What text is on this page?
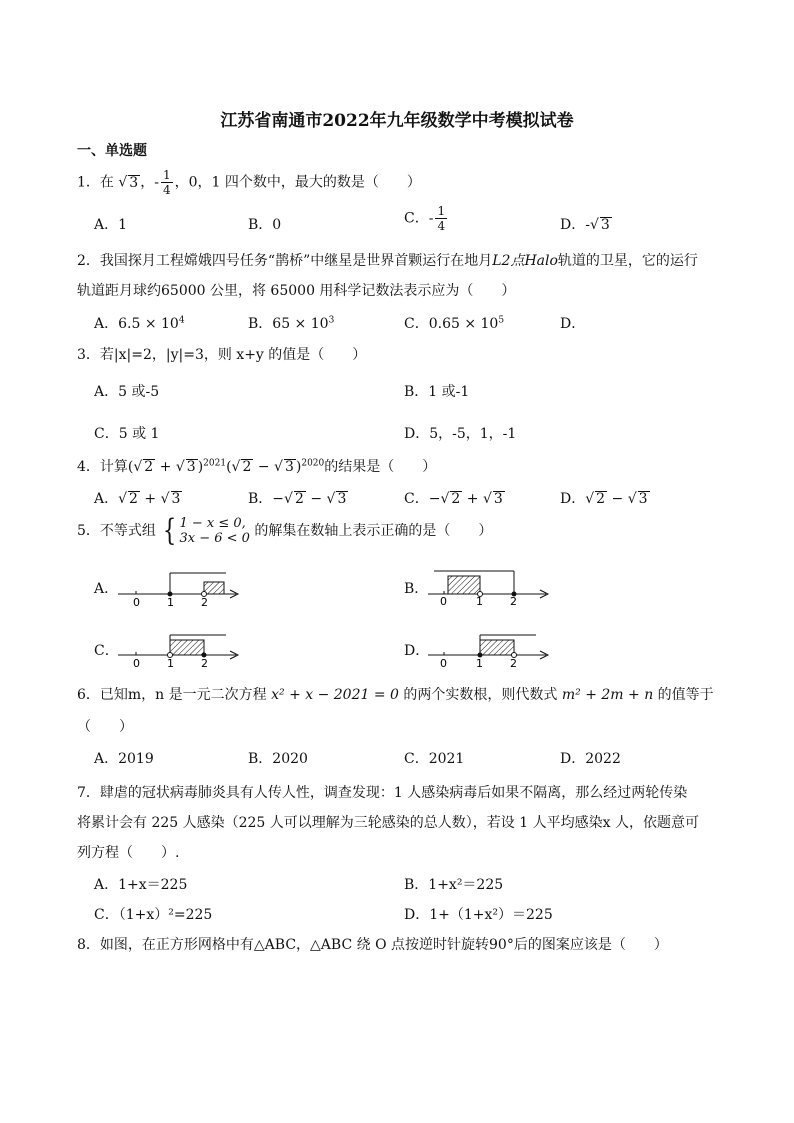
江苏省南通市2022年九年级数学中考模拟试卷
一、单选题
1．在 √ 3 ，- $\frac{1}{4}$ ，0，1 四个数中，最大的数是（　　）
A．1	B．0	C．- $\frac{1}{4}$	D．-√ 3
2．我国探月工程嫦娥四号任务“鹊桥”中继星是世界首颗运行在地月L2点Halo轨道的卫星，它的运行
轨道距月球约65000 公里，将 65000 用科学记数法表示应为（　　）
A．$6.5 \times 10^4$	B．$65 \times 10^3$	C．$0.65 \times 10^5$	D．
3．若|x|=2，|y|=3，则 x+y 的值是（　　）
A．5 或-5	B．1 或-1
C．5 或 1	D．5，-5，1，-1
4．计算(√ 2 + √ 3 )$^{2021}$(√ 2 − √ 3 )$^{2020}$的结果是（　　）
A．√ 2 + √ 3	B．−√ 2 − √ 3	C．−√ 2 + √ 3	D．√ 2 − √ 3
5．不等式组 { 1 − x ≤ 0,
3x − 6 < 0 的解集在数轴上表示正确的是（　　）
A．
0 1 2
B．
0	1 2
C．
0 1 2
D．
0	1 2
6．已知m，n 是一元二次方程 x² + x − 2021 = 0 的两个实数根，则代数式 m² + 2m + n 的值等于
（　　）
A．2019	B．2020	C．2021	D．2022
7．肆虐的冠状病毒肺炎具有人传人性，调查发现：1 人感染病毒后如果不隔离，那么经过两轮传染
将累计会有 225 人感染（225 人可以理解为三轮感染的总人数），若设 1 人平均感染x 人，依题意可
列方程（　　）.
A．1+x＝225	B．1+x²＝225
C．（1+x）²=225	D．1+（1+x²）＝225
8．如图，在正方形网格中有△ABC，△ABC 绕 O 点按逆时针旋转90°后的图案应该是（　　）
